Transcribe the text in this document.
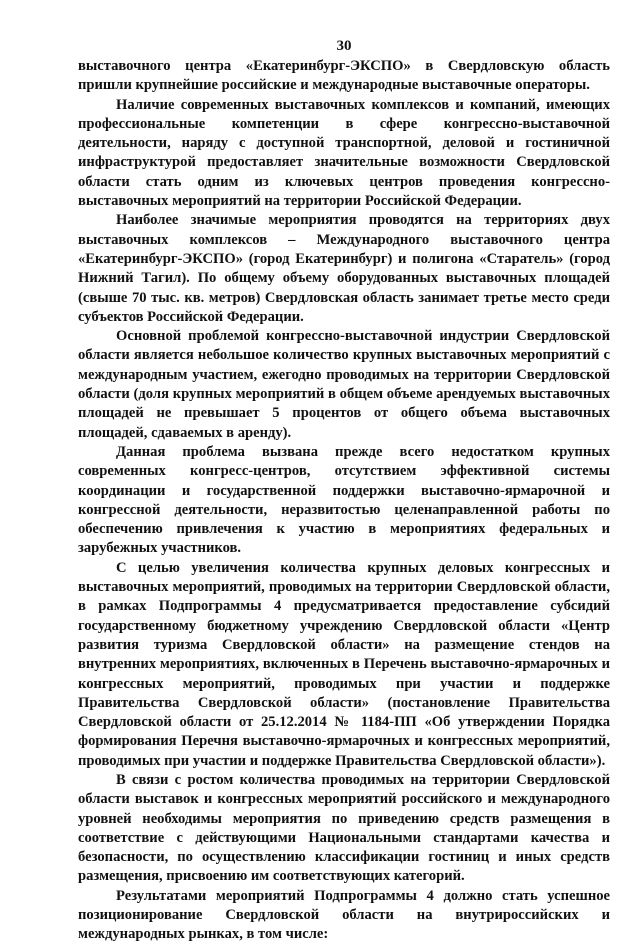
30

выставочного центра «Екатеринбург-ЭКСПО» в Свердловскую область пришли крупнейшие российские и международные выставочные операторы.

Наличие современных выставочных комплексов и компаний, имеющих профессиональные компетенции в сфере конгрессно-выставочной деятельности, наряду с доступной транспортной, деловой и гостиничной инфраструктурой предоставляет значительные возможности Свердловской области стать одним из ключевых центров проведения конгрессно-выставочных мероприятий на территории Российской Федерации.

Наиболее значимые мероприятия проводятся на территориях двух выставочных комплексов – Международного выставочного центра «Екатеринбург-ЭКСПО» (город Екатеринбург) и полигона «Старатель» (город Нижний Тагил). По общему объему оборудованных выставочных площадей (свыше 70 тыс. кв. метров) Свердловская область занимает третье место среди субъектов Российской Федерации.

Основной проблемой конгрессно-выставочной индустрии Свердловской области является небольшое количество крупных выставочных мероприятий с международным участием, ежегодно проводимых на территории Свердловской области (доля крупных мероприятий в общем объеме арендуемых выставочных площадей не превышает 5 процентов от общего объема выставочных площадей, сдаваемых в аренду).

Данная проблема вызвана прежде всего недостатком крупных современных конгресс-центров, отсутствием эффективной системы координации и государственной поддержки выставочно-ярмарочной и конгрессной деятельности, неразвитостью целенаправленной работы по обеспечению привлечения к участию в мероприятиях федеральных и зарубежных участников.

С целью увеличения количества крупных деловых конгрессных и выставочных мероприятий, проводимых на территории Свердловской области, в рамках Подпрограммы 4 предусматривается предоставление субсидий государственному бюджетному учреждению Свердловской области «Центр развития туризма Свердловской области» на размещение стендов на внутренних мероприятиях, включенных в Перечень выставочно-ярмарочных и конгрессных мероприятий, проводимых при участии и поддержке Правительства Свердловской области» (постановление Правительства Свердловской области от 25.12.2014 № 1184-ПП «Об утверждении Порядка формирования Перечня выставочно-ярмарочных и конгрессных мероприятий, проводимых при участии и поддержке Правительства Свердловской области»).

В связи с ростом количества проводимых на территории Свердловской области выставок и конгрессных мероприятий российского и международного уровней необходимы мероприятия по приведению средств размещения в соответствие с действующими Национальными стандартами качества и безопасности, по осуществлению классификации гостиниц и иных средств размещения, присвоению им соответствующих категорий.

Результатами мероприятий Подпрограммы 4 должно стать успешное позиционирование Свердловской области на внутрироссийских и международных рынках, в том числе:
